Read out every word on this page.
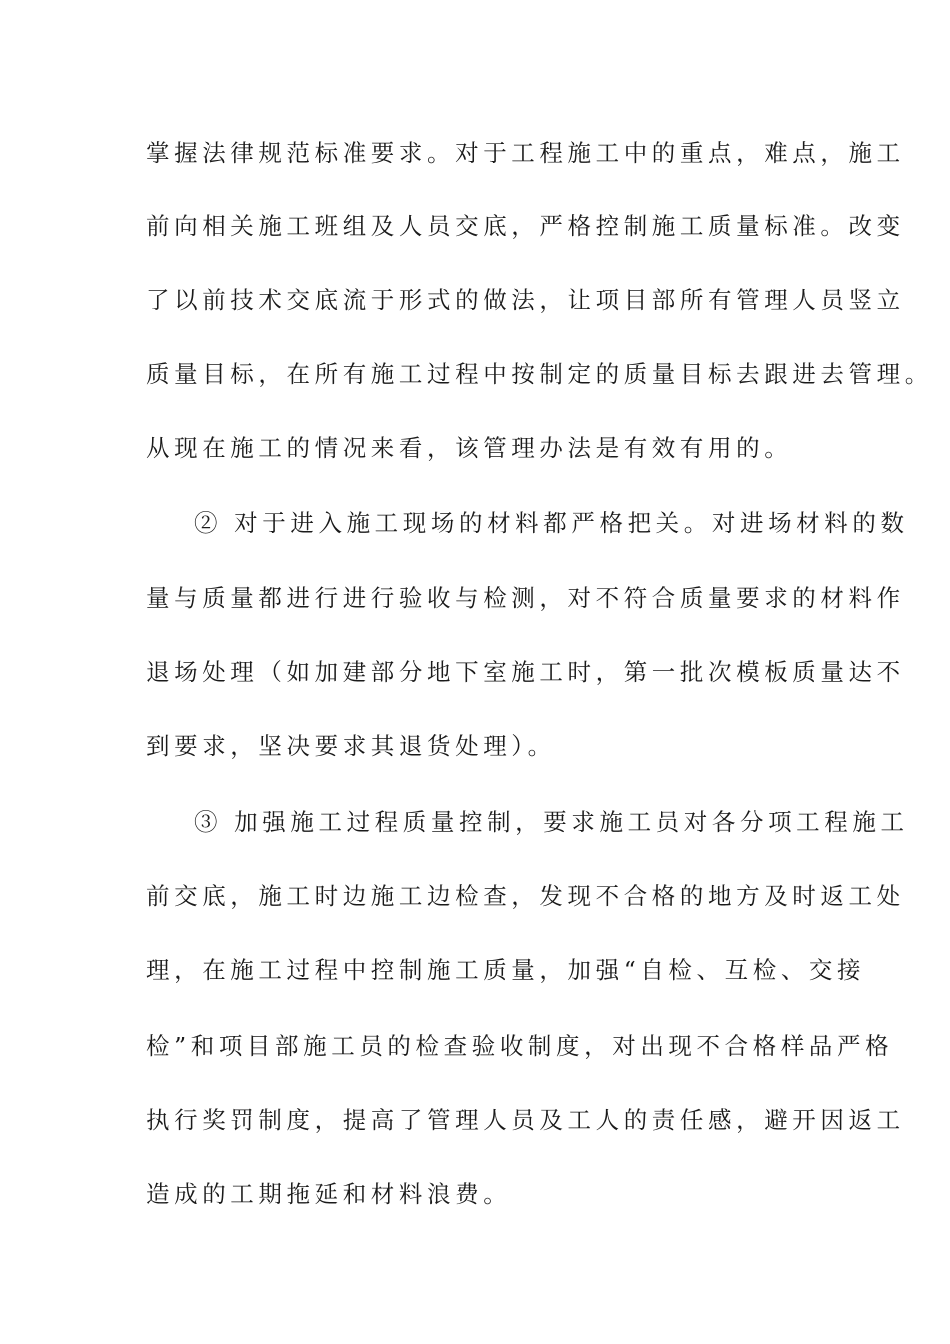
掌握法律规范标准要求。对于工程施工中的重点，难点，施工
前向相关施工班组及人员交底，严格控制施工质量标准。改变
了以前技术交底流于形式的做法，让项目部所有管理人员竖立
质量目标，在所有施工过程中按制定的质量目标去跟进去管理。
从现在施工的情况来看，该管理办法是有效有用的。
② 对于进入施工现场的材料都严格把关。对进场材料的数
量与质量都进行进行验收与检测，对不符合质量要求的材料作
退场处理（如加建部分地下室施工时，第一批次模板质量达不
到要求，坚决要求其退货处理）。
③ 加强施工过程质量控制，要求施工员对各分项工程施工
前交底，施工时边施工边检查，发现不合格的地方及时返工处
理，在施工过程中控制施工质量，加强“自检、互检、交接
检”和项目部施工员的检查验收制度，对出现不合格样品严格
执行奖罚制度，提高了管理人员及工人的责任感，避开因返工
造成的工期拖延和材料浪费。
